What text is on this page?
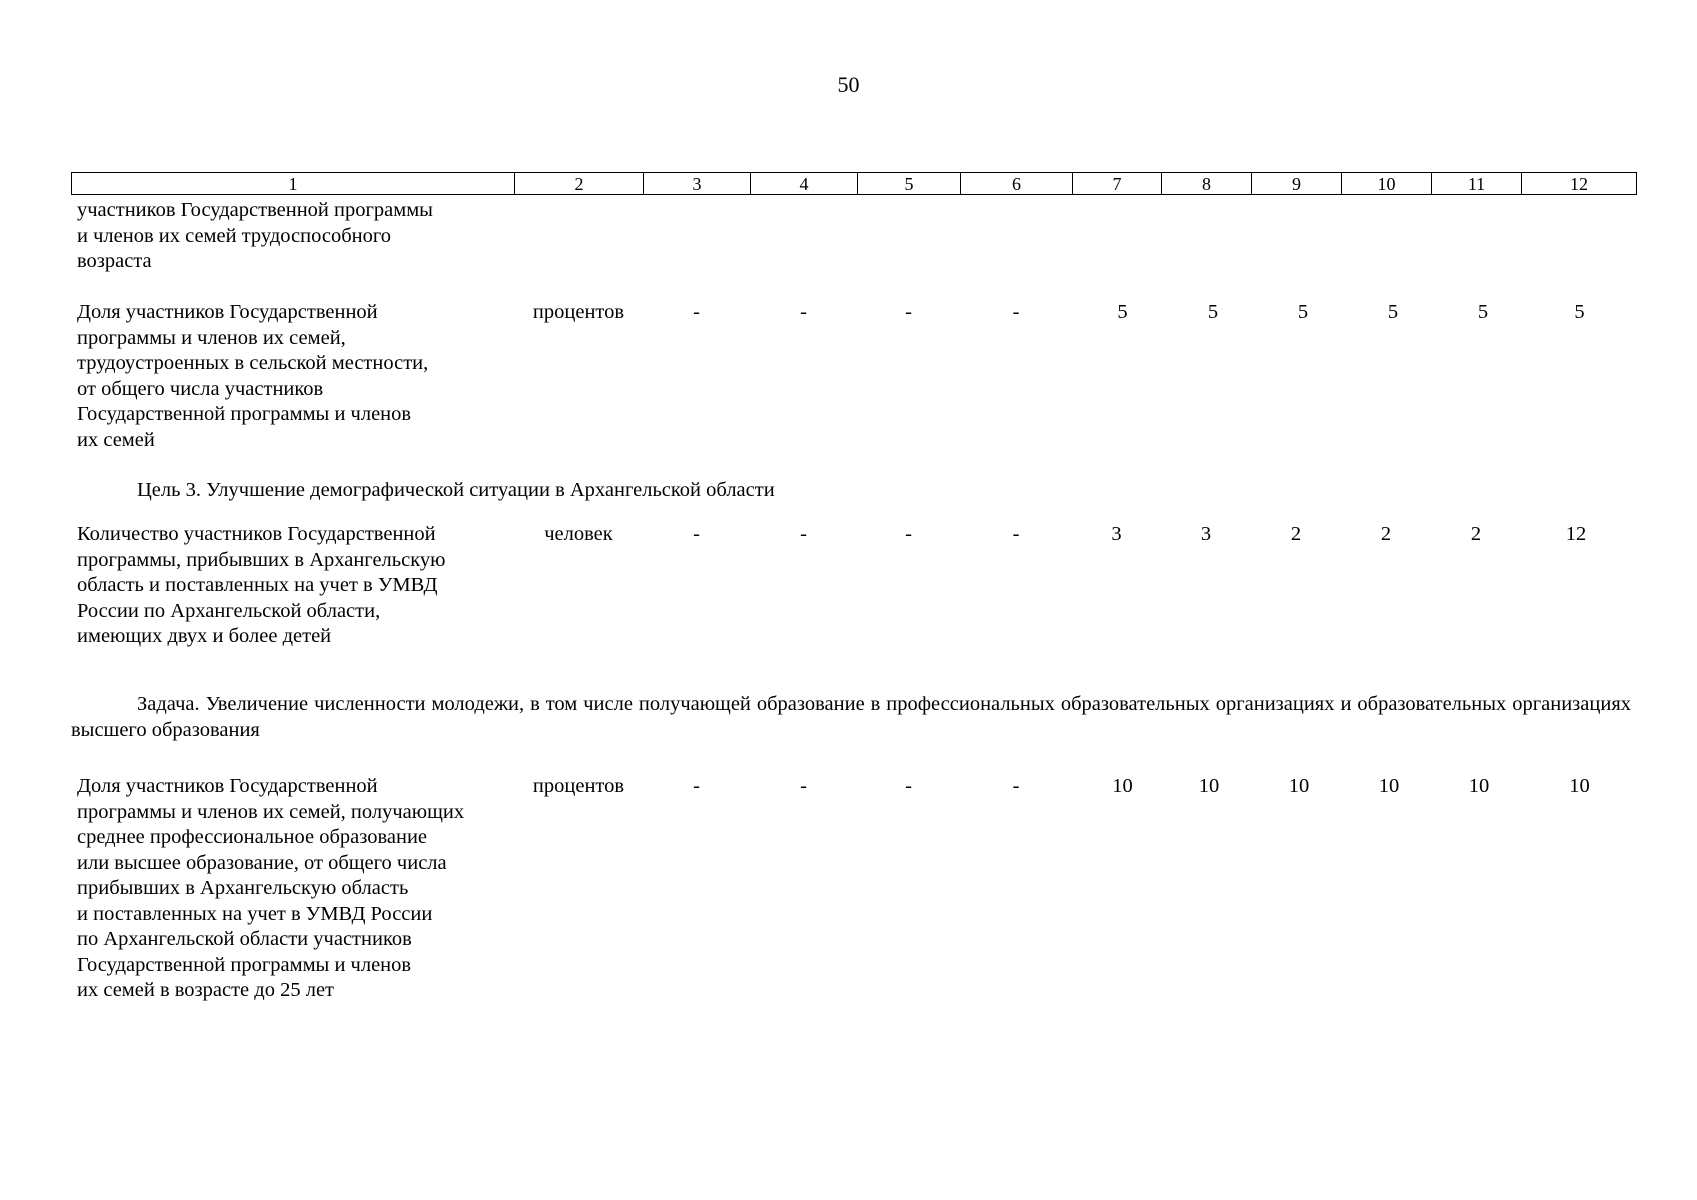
50
1	2	3	4	5	6	7	8	9	10	11	12
участников Государственной программы
и членов их семей трудоспособного
возраста
Доля участников Государственной
программы и членов их семей,
трудоустроенных в сельской местности,
от общего числа участников
Государственной программы и членов
их семей
процентов	-	-	-	-	5	5	5	5	5	5
Цель 3. Улучшение демографической ситуации в Архангельской области
Количество участников Государственной
программы, прибывших в Архангельскую
область и поставленных на учет в УМВД
России по Архангельской области,
имеющих двух и более детей
человек	-	-	-	-	3	3	2	2	2	12
Задача. Увеличение численности молодежи, в том числе получающей образование в профессиональных образовательных организациях и образовательных организациях высшего образования
Доля участников Государственной
программы и членов их семей, получающих
среднее профессиональное образование
или высшее образование, от общего числа
прибывших в Архангельскую область
и поставленных на учет в УМВД России
по Архангельской области участников
Государственной программы и членов
их семей в возрасте до 25 лет
процентов	-	-	-	-	10	10	10	10	10	10
